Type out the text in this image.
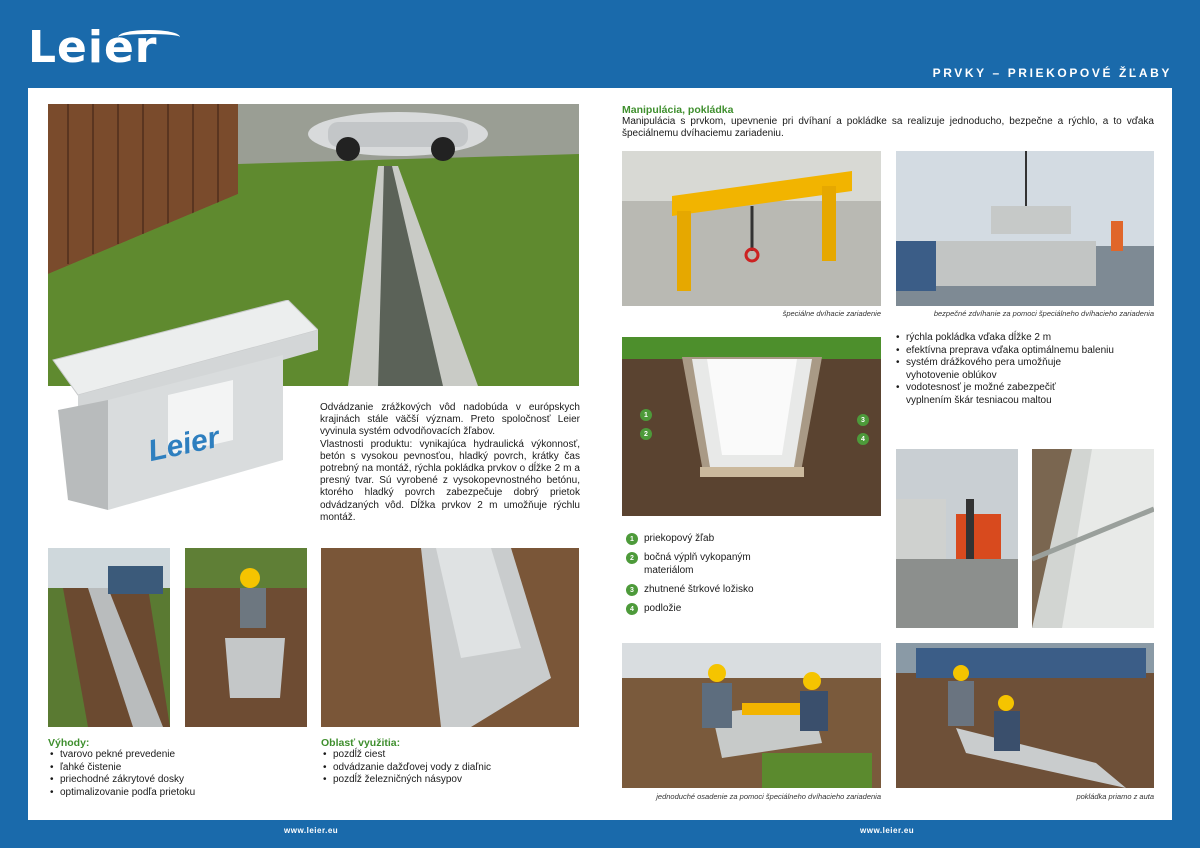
Leier	PRVKY – PRIEKOPOVÉ ŽĽABY
Leier
Odvádzanie zrážkových vôd nadobúda v európskych krajinách stále väčší význam. Preto spoločnosť Leier vyvinula systém odvodňovacích žľabov.
Vlastnosti produktu: vynikajúca hydraulická výkonnosť, betón s vysokou pevnosťou, hladký povrch, krátky čas potrebný na montáž, rýchla pokládka prvkov o dĺžke 2 m a presný tvar. Sú vyrobené z vysokopevnostného betónu, ktorého hladký povrch zabezpečuje dobrý prietok odvádzaných vôd. Dĺžka prvkov 2 m umožňuje rýchlu montáž.
Výhody:
• tvarovo pekné prevedenie
• ľahké čistenie
• priechodné zákrytové dosky
• optimalizovanie podľa prietoku
Oblasť využitia:
• pozdĺž ciest
• odvádzanie dažďovej vody z diaľnic
• pozdĺž železničných násypov
Manipulácia, pokládka
Manipulácia s prvkom, upevnenie pri dvíhaní a pokládke sa realizuje jednoducho, bezpečne a rýchlo, a to vďaka špeciálnemu dvíhaciemu zariadeniu.
špeciálne dvíhacie zariadenie	bezpečné zdvíhanie za pomoci špeciálneho dvíhacieho zariadenia
1
2
3
4
1	priekopový žľab
2	bočná výplň vykopaným materiálom
3	zhutnené štrkové ložisko
4	podložie
• rýchla pokládka vďaka dĺžke 2 m
• efektívna preprava vďaka optimálnemu baleniu
• systém drážkového pera umožňuje vyhotovenie oblúkov
• vodotesnosť je možné zabezpečiť vyplnením škár tesniacou maltou
jednoduché osadenie za pomoci špeciálneho dvíhacieho zariadenia	pokládka priamo z auta
www.leier.eu	www.leier.eu
